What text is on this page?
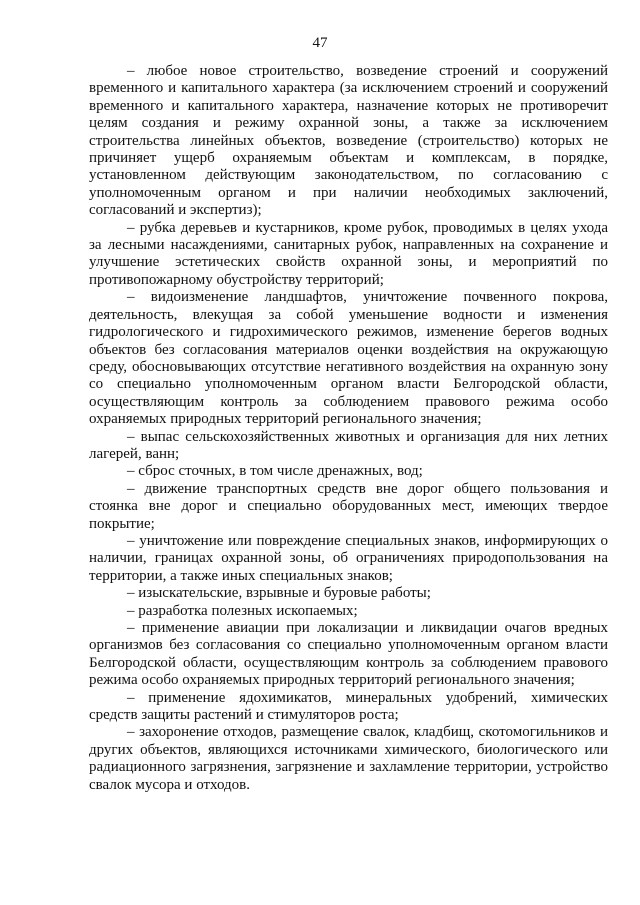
47

– любое новое строительство, возведение строений и сооружений временного и капитального характера (за исключением строений и сооружений временного и капитального характера, назначение которых не противоречит целям создания и режиму охранной зоны, а также за исключением строительства линейных объектов, возведение (строительство) которых не причиняет ущерб охраняемым объектам и комплексам, в порядке, установленном действующим законодательством, по согласованию с уполномоченным органом и при наличии необходимых заключений, согласований и экспертиз);

– рубка деревьев и кустарников, кроме рубок, проводимых в целях ухода за лесными насаждениями, санитарных рубок, направленных на сохранение и улучшение эстетических свойств охранной зоны, и мероприятий по противопожарному обустройству территорий;

– видоизменение ландшафтов, уничтожение почвенного покрова, деятельность, влекущая за собой уменьшение водности и изменения гидрологического и гидрохимического режимов, изменение берегов водных объектов без согласования материалов оценки воздействия на окружающую среду, обосновывающих отсутствие негативного воздействия на охранную зону со специально уполномоченным органом власти Белгородской области, осуществляющим контроль за соблюдением правового режима особо охраняемых природных территорий регионального значения;

– выпас сельскохозяйственных животных и организация для них летних лагерей, ванн;

– сброс сточных, в том числе дренажных, вод;

– движение транспортных средств вне дорог общего пользования и стоянка вне дорог и специально оборудованных мест, имеющих твердое покрытие;

– уничтожение или повреждение специальных знаков, информирующих о наличии, границах охранной зоны, об ограничениях природопользования на территории, а также иных специальных знаков;

– изыскательские, взрывные и буровые работы;

– разработка полезных ископаемых;

– применение авиации при локализации и ликвидации очагов вредных организмов без согласования со специально уполномоченным органом власти Белгородской области, осуществляющим контроль за соблюдением правового режима особо охраняемых природных территорий регионального значения;

– применение ядохимикатов, минеральных удобрений, химических средств защиты растений и стимуляторов роста;

– захоронение отходов, размещение свалок, кладбищ, скотомогильников и других объектов, являющихся источниками химического, биологического или радиационного загрязнения, загрязнение и захламление территории, устройство свалок мусора и отходов.
